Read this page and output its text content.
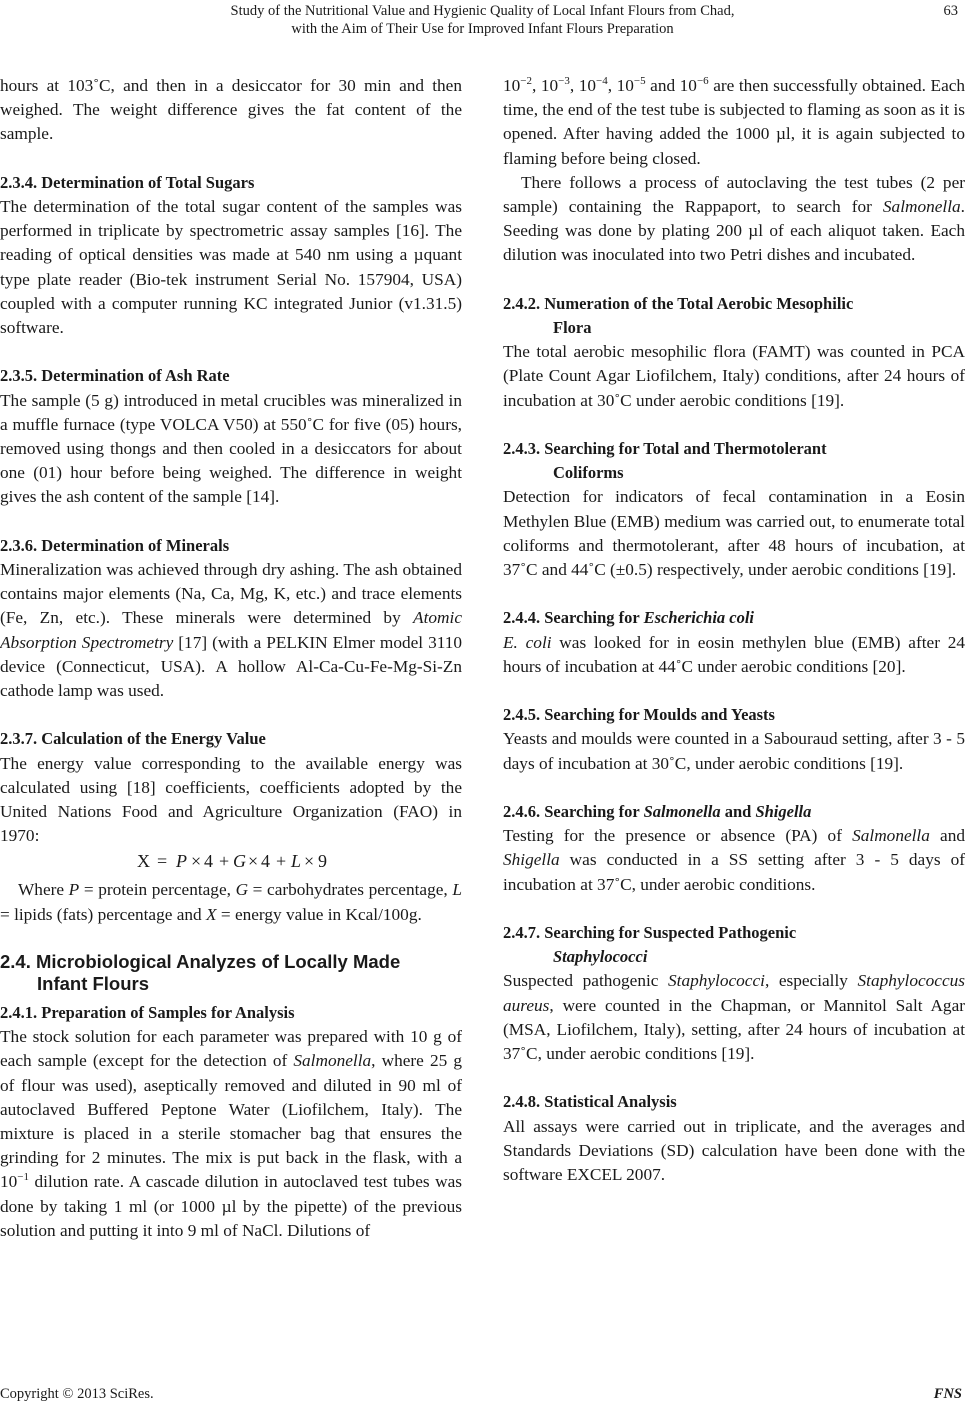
Study of the Nutritional Value and Hygienic Quality of Local Infant Flours from Chad,
with the Aim of Their Use for Improved Infant Flours Preparation
63

hours at 103˚C, and then in a desiccator for 30 min and then weighed. The weight difference gives the fat content of the sample.

2.3.4. Determination of Total Sugars

The determination of the total sugar content of the samples was performed in triplicate by spectrometric assay samples [16]. The reading of optical densities was made at 540 nm using a µquant type plate reader (Bio-tek instrument Serial No. 157904, USA) coupled with a computer running KC integrated Junior (v1.31.5) software.

2.3.5. Determination of Ash Rate

The sample (5 g) introduced in metal crucibles was mineralized in a muffle furnace (type VOLCA V50) at 550˚C for five (05) hours, removed using thongs and then cooled in a desiccators for about one (01) hour before being weighed. The difference in weight gives the ash content of the sample [14].

2.3.6. Determination of Minerals

Mineralization was achieved through dry ashing. The ash obtained contains major elements (Na, Ca, Mg, K, etc.) and trace elements (Fe, Zn, etc.). These minerals were determined by Atomic Absorption Spectrometry [17] (with a PELKIN Elmer model 3110 device (Connecticut, USA). A hollow Al-Ca-Cu-Fe-Mg-Si-Zn cathode lamp was used.

2.3.7. Calculation of the Energy Value

The energy value corresponding to the available energy was calculated using [18] coefficients, coefficients adopted by the United Nations Food and Agriculture Organization (FAO) in 1970:

X = P × 4 + G × 4 + L × 9

Where P = protein percentage, G = carbohydrates percentage, L = lipids (fats) percentage and X = energy value in Kcal/100g.

2.4. Microbiological Analyzes of Locally Made
Infant Flours
2.4.1. Preparation of Samples for Analysis

The stock solution for each parameter was prepared with 10 g of each sample (except for the detection of Salmonella, where 25 g of flour was used), aseptically removed and diluted in 90 ml of autoclaved Buffered Peptone Water (Liofilchem, Italy). The mixture is placed in a sterile stomacher bag that ensures the grinding for 2 minutes. The mix is put back in the flask, with a $10^{-1}$ dilution rate. A cascade dilution in autoclaved test tubes was done by taking 1 ml (or 1000 µl by the pipette) of the previous solution and putting it into 9 ml of NaCl. Dilutions of

$10^{-2}$, $10^{-3}$, $10^{-4}$, $10^{-5}$ and $10^{-6}$ are then successfully obtained. Each time, the end of the test tube is subjected to flaming as soon as it is opened. After having added the 1000 µl, it is again subjected to flaming before being closed.

There follows a process of autoclaving the test tubes (2 per sample) containing the Rappaport, to search for Salmonella. Seeding was done by plating 200 µl of each aliquot taken. Each dilution was inoculated into two Petri dishes and incubated.

2.4.2. Numeration of the Total Aerobic Mesophilic
Flora

The total aerobic mesophilic flora (FAMT) was counted in PCA (Plate Count Agar Liofilchem, Italy) conditions, after 24 hours of incubation at 30˚C under aerobic conditions [19].

2.4.3. Searching for Total and Thermotolerant
Coliforms

Detection for indicators of fecal contamination in a Eosin Methylen Blue (EMB) medium was carried out, to enumerate total coliforms and thermotolerant, after 48 hours of incubation, at 37˚C and 44˚C (±0.5) respectively, under aerobic conditions [19].

2.4.4. Searching for Escherichia coli

E. coli was looked for in eosin methylen blue (EMB) after 24 hours of incubation at 44˚C under aerobic conditions [20].

2.4.5. Searching for Moulds and Yeasts

Yeasts and moulds were counted in a Sabouraud setting, after 3 - 5 days of incubation at 30˚C, under aerobic conditions [19].

2.4.6. Searching for Salmonella and Shigella

Testing for the presence or absence (PA) of Salmonella and Shigella was conducted in a SS setting after 3 - 5 days of incubation at 37˚C, under aerobic conditions.

2.4.7. Searching for Suspected Pathogenic
Staphylococci

Suspected pathogenic Staphylococci, especially Staphylococcus aureus, were counted in the Chapman, or Mannitol Salt Agar (MSA, Liofilchem, Italy), setting, after 24 hours of incubation at 37˚C, under aerobic conditions [19].

2.4.8. Statistical Analysis

All assays were carried out in triplicate, and the averages and Standards Deviations (SD) calculation have been done with the software EXCEL 2007.

Copyright © 2013 SciRes.	FNS
